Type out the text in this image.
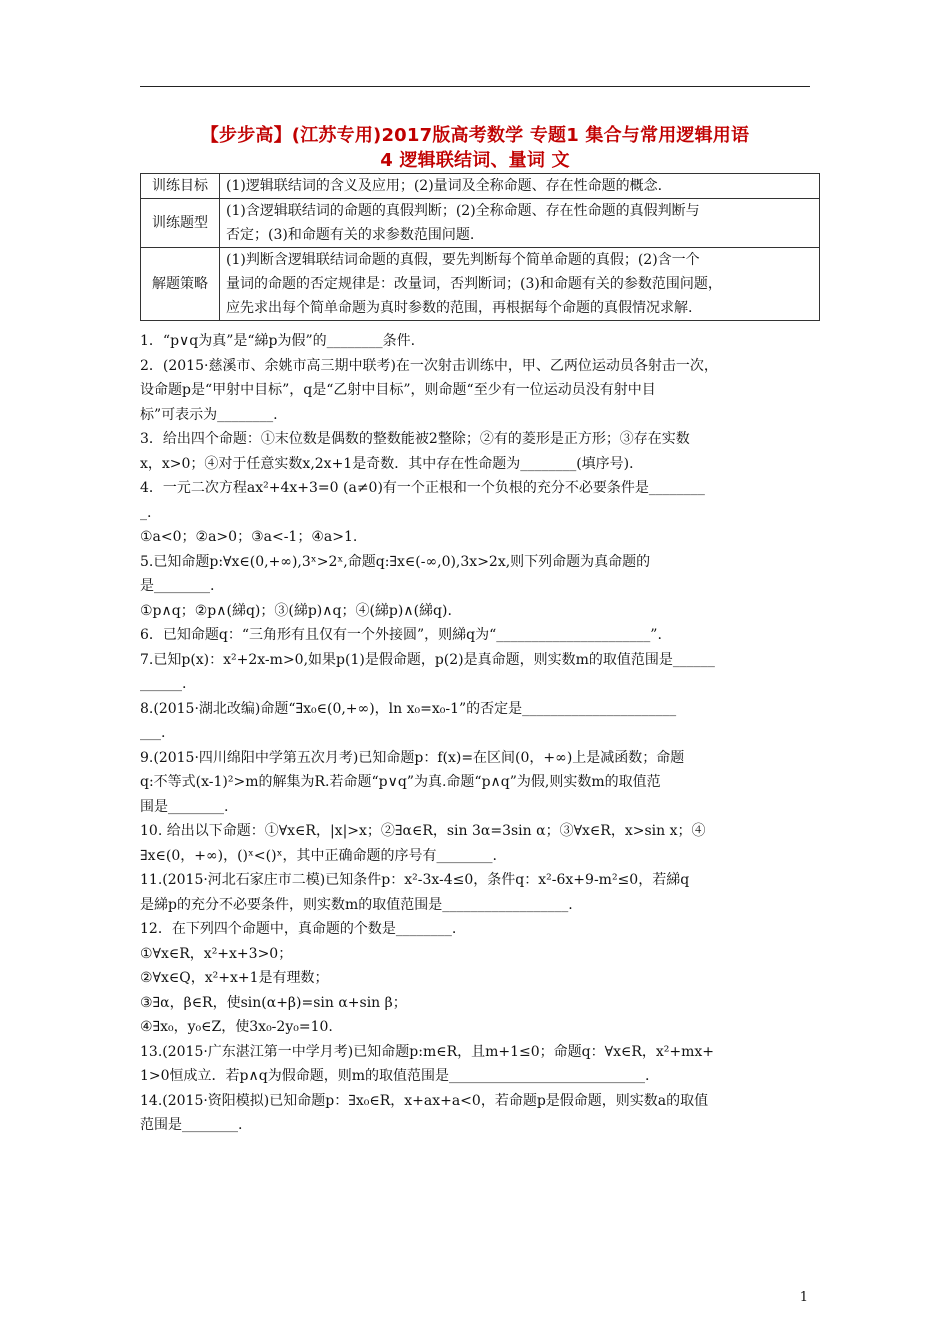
【步步高】(江苏专用)2017版高考数学 专题1 集合与常用逻辑用语
4 逻辑联结词、量词 文
训练目标	(1)逻辑联结词的含义及应用；(2)量词及全称命题、存在性命题的概念.

训练题型	(1)含逻辑联结词的命题的真假判断；(2)全称命题、存在性命题的真假判断与
否定；(3)和命题有关的求参数范围问题.

解题策略	(1)判断含逻辑联结词命题的真假，要先判断每个简单命题的真假；(2)含一个
量词的命题的否定规律是：改量词，否判断词；(3)和命题有关的参数范围问题，
应先求出每个简单命题为真时参数的范围，再根据每个命题的真假情况求解.

1．“p∨q为真”是“綈p为假”的________条件.

2．(2015·慈溪市、余姚市高三期中联考)在一次射击训练中，甲、乙两位运动员各射击一次，

设命题p是“甲射中目标”，q是“乙射中目标”，则命题“至少有一位运动员没有射中目

标”可表示为________.

3．给出四个命题：①末位数是偶数的整数能被2整除；②有的菱形是正方形；③存在实数

x，x>0；④对于任意实数x,2x+1是奇数．其中存在性命题为________(填序号)．

4．一元二次方程ax²+4x+3=0 (a≠0)有一个正根和一个负根的充分不必要条件是________

_.

①a<0；②a>0；③a<-1；④a>1.

5.已知命题p:∀x∈(0,+∞),3ˣ>2ˣ,命题q:∃x∈(-∞,0),3x>2x,则下列命题为真命题的

是________.

①p∧q；②p∧(綈q)；③(綈p)∧q；④(綈p)∧(綈q).

6．已知命题q：“三角形有且仅有一个外接圆”，则綈q为“______________________”.

7.已知p(x)：x²+2x-m>0,如果p(1)是假命题，p(2)是真命题，则实数m的取值范围是______

______.

8.(2015·湖北改编)命题“∃x₀∈(0,+∞)，ln x₀=x₀-1”的否定是______________________

___.

9.(2015·四川绵阳中学第五次月考)已知命题p：f(x)=在区间(0，+∞)上是减函数；命题

q:不等式(x-1)²>m的解集为R.若命题“p∨q”为真.命题“p∧q”为假,则实数m的取值范

围是________.

10. 给出以下命题：①∀x∈R，|x|>x；②∃α∈R，sin 3α=3sin α；③∀x∈R，x>sin x；④

∃x∈(0，+∞)，()ˣ<()ˣ，其中正确命题的序号有________.

11.(2015·河北石家庄市二模)已知条件p：x²-3x-4≤0，条件q：x²-6x+9-m²≤0，若綈q

是綈p的充分不必要条件，则实数m的取值范围是__________________.

12．在下列四个命题中，真命题的个数是________.

①∀x∈R，x²+x+3>0；

②∀x∈Q，x²+x+1是有理数；

③∃α，β∈R，使sin(α+β)=sin α+sin β；

④∃x₀，y₀∈Z，使3x₀-2y₀=10.

13.(2015·广东湛江第一中学月考)已知命题p:m∈R，且m+1≤0；命题q：∀x∈R，x²+mx+

1>0恒成立．若p∧q为假命题，则m的取值范围是____________________________.

14.(2015·资阳模拟)已知命题p：∃x₀∈R，x+ax+a<0，若命题p是假命题，则实数a的取值

范围是________.

1
